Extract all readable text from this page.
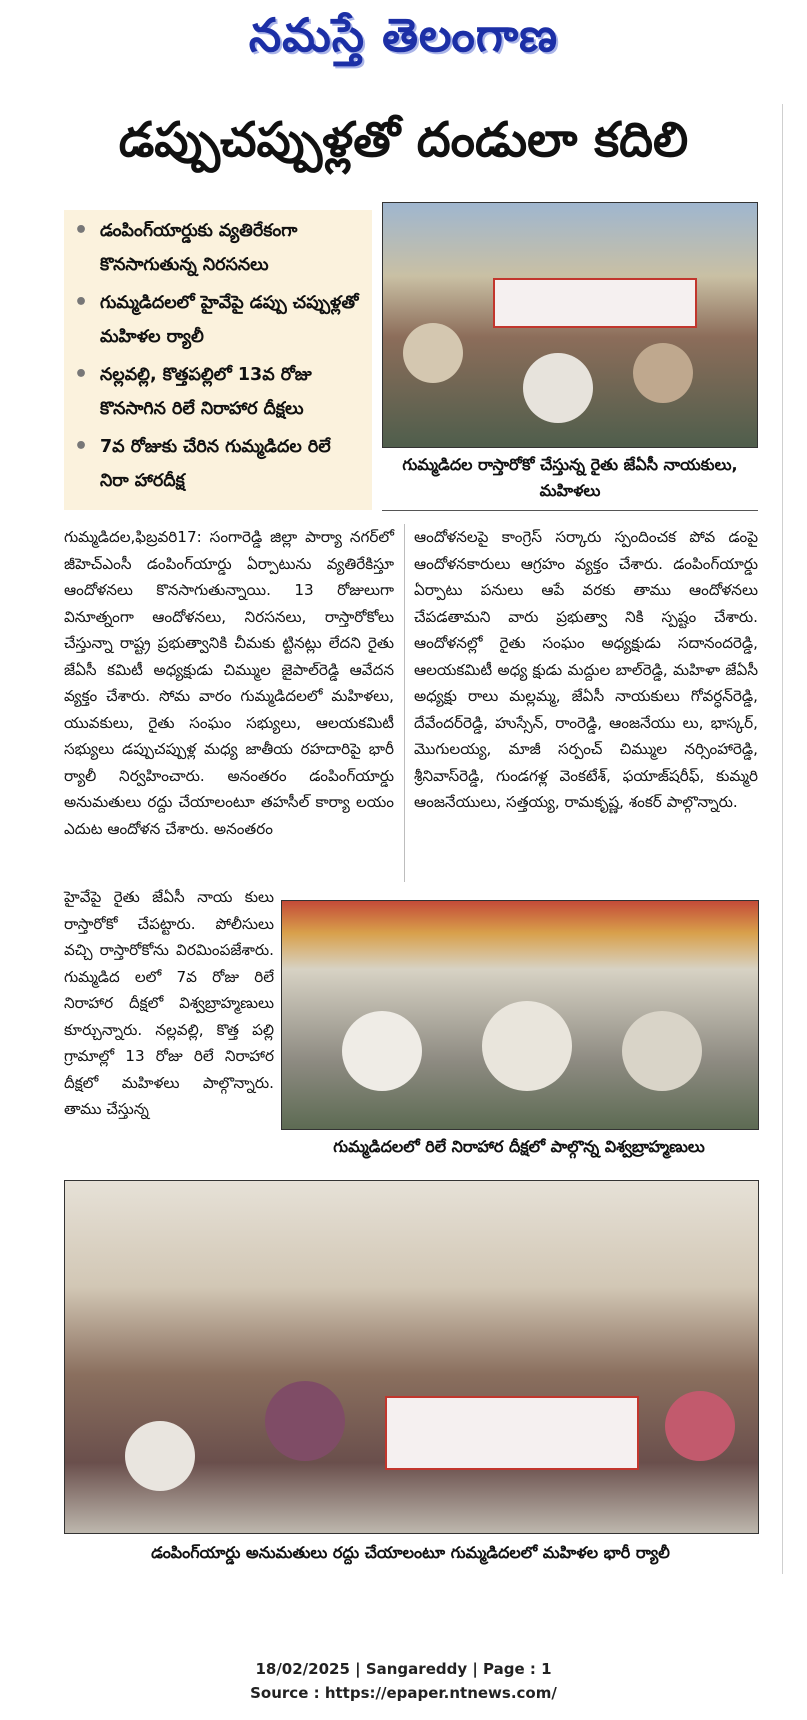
నమస్తే తెలంగాణ
డప్పుచప్పుళ్లతో దండులా కదిలి
• డంపింగ్‌యార్డుకు వ్యతిరేకంగా కొనసాగుతున్న నిరసనలు
• గుమ్మడిదలలో హైవేపై డప్పు చప్పుళ్లతో మహిళల ర్యాలీ
• నల్లవల్లి, కొత్తపల్లిలో 13వ రోజు కొనసాగిన రిలే నిరాహార దీక్షలు
• 7వ రోజుకు చేరిన గుమ్మడిదల రిలే నిరా హారదీక్ష
గుమ్మడిదల రాస్తారోకో చేస్తున్న రైతు జేఏసీ నాయకులు, మహిళలు
గుమ్మడిదల,ఫిబ్రవరి17: సంగారెడ్డి జిల్లా పార్యా నగర్‌లో జీహెచ్‌ఎంసీ డంపింగ్‌యార్డు ఏర్పాటును వ్యతిరేకిస్తూ ఆందోళనలు కొనసాగుతున్నాయి. 13 రోజులుగా వినూత్నంగా ఆందోళనలు, నిరసనలు, రాస్తారోకోలు చేస్తున్నా రాష్ట్ర ప్రభుత్వానికి చీమకు ట్టినట్లు లేదని రైతు జేఏసీ కమిటీ అధ్యక్షుడు చిమ్ముల జైపాల్‌రెడ్డి ఆవేదన వ్యక్తం చేశారు. సోమ వారం గుమ్మడిదలలో మహిళలు, యువకులు, రైతు సంఘం సభ్యులు, ఆలయకమిటీ సభ్యులు డప్పుచప్పుళ్ల మధ్య జాతీయ రహదారిపై భారీ ర్యాలీ నిర్వహించారు. అనంతరం డంపింగ్‌యార్డు అనుమతులు రద్దు చేయాలంటూ తహసీల్ కార్యా లయం ఎదుట ఆందోళన చేశారు. అనంతరం
ఆందోళనలపై కాంగ్రెస్ సర్కారు స్పందించక పోవ డంపై ఆందోళనకారులు ఆగ్రహం వ్యక్తం చేశారు. డంపింగ్‌యార్డు ఏర్పాటు పనులు ఆపే వరకు తాము ఆందోళనలు చేపడతామని వారు ప్రభుత్వా నికి స్పష్టం చేశారు. ఆందోళనల్లో రైతు సంఘం అధ్యక్షుడు సదానందరెడ్డి, ఆలయకమిటీ అధ్య క్షుడు మద్దుల బాల్‌రెడ్డి, మహిళా జేఏసీ అధ్యక్షు రాలు మల్లమ్మ, జేఏసీ నాయకులు గోవర్ధన్‌రెడ్డి, దేవేందర్‌రెడ్డి, హుస్సేన్, రాంరెడ్డి, ఆంజనేయు లు, భాస్కర్, మొగులయ్య, మాజీ సర్పంచ్ చిమ్ముల నర్సింహారెడ్డి, శ్రీనివాస్‌రెడ్డి, గుండగళ్ల వెంకటేశ్, ఫయాజ్‌షరీఫ్, కుమ్మరి ఆంజనేయులు, సత్తయ్య, రామకృష్ణ, శంకర్ పాల్గొన్నారు.
హైవేపై రైతు జేఏసీ నాయ కులు రాస్తారోకో చేపట్టారు. పోలీసులు వచ్చి రాస్తారోకోను విరమింపజేశారు. గుమ్మడిద లలో 7వ రోజు రిలే నిరాహార దీక్షలో విశ్వబ్రాహ్మణులు కూర్చున్నారు. నల్లవల్లి, కొత్త పల్లి గ్రామాల్లో 13 రోజు రిలే నిరాహార దీక్షలో మహిళలు పాల్గొన్నారు. తాము చేస్తున్న
గుమ్మడిదలలో రిలే నిరాహార దీక్షలో పాల్గొన్న విశ్వబ్రాహ్మణులు
డంపింగ్‌యార్డు అనుమతులు రద్దు చేయాలంటూ గుమ్మడిదలలో మహిళల భారీ ర్యాలీ
18/02/2025 | Sangareddy | Page : 1
Source : https://epaper.ntnews.com/
